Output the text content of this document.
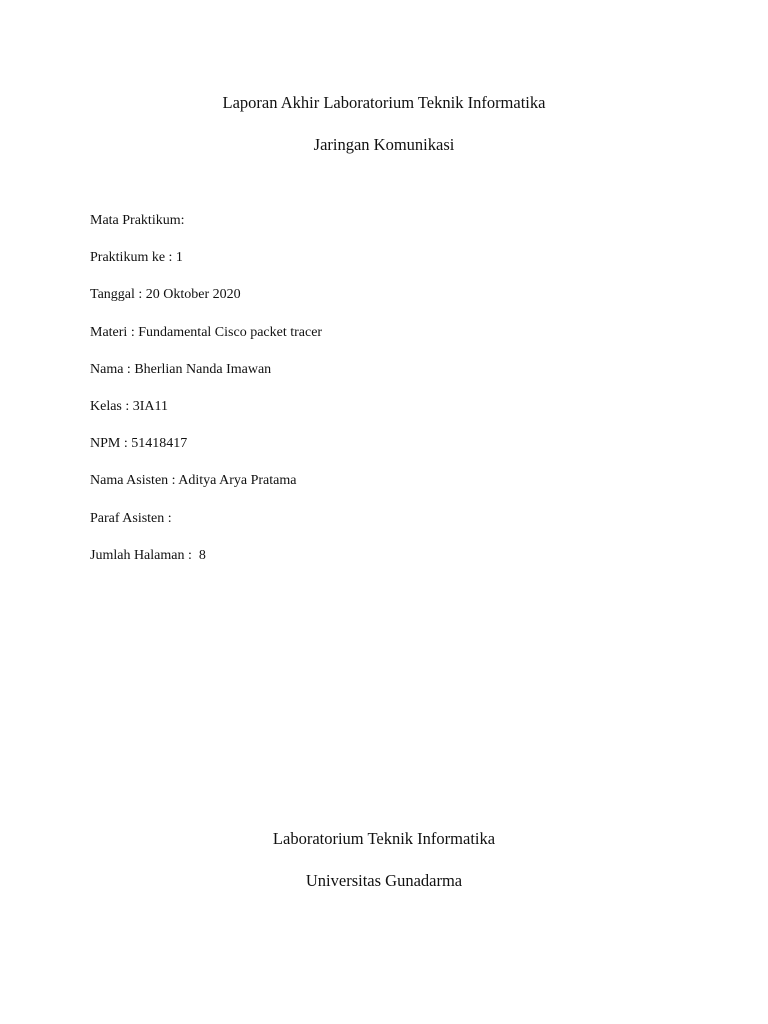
Laporan Akhir Laboratorium Teknik Informatika
Jaringan Komunikasi
Mata Praktikum:
Praktikum ke : 1
Tanggal : 20 Oktober 2020
Materi : Fundamental Cisco packet tracer
Nama : Bherlian Nanda Imawan
Kelas : 3IA11
NPM : 51418417
Nama Asisten : Aditya Arya Pratama
Paraf Asisten :
Jumlah Halaman :  8
Laboratorium Teknik Informatika
Universitas Gunadarma
